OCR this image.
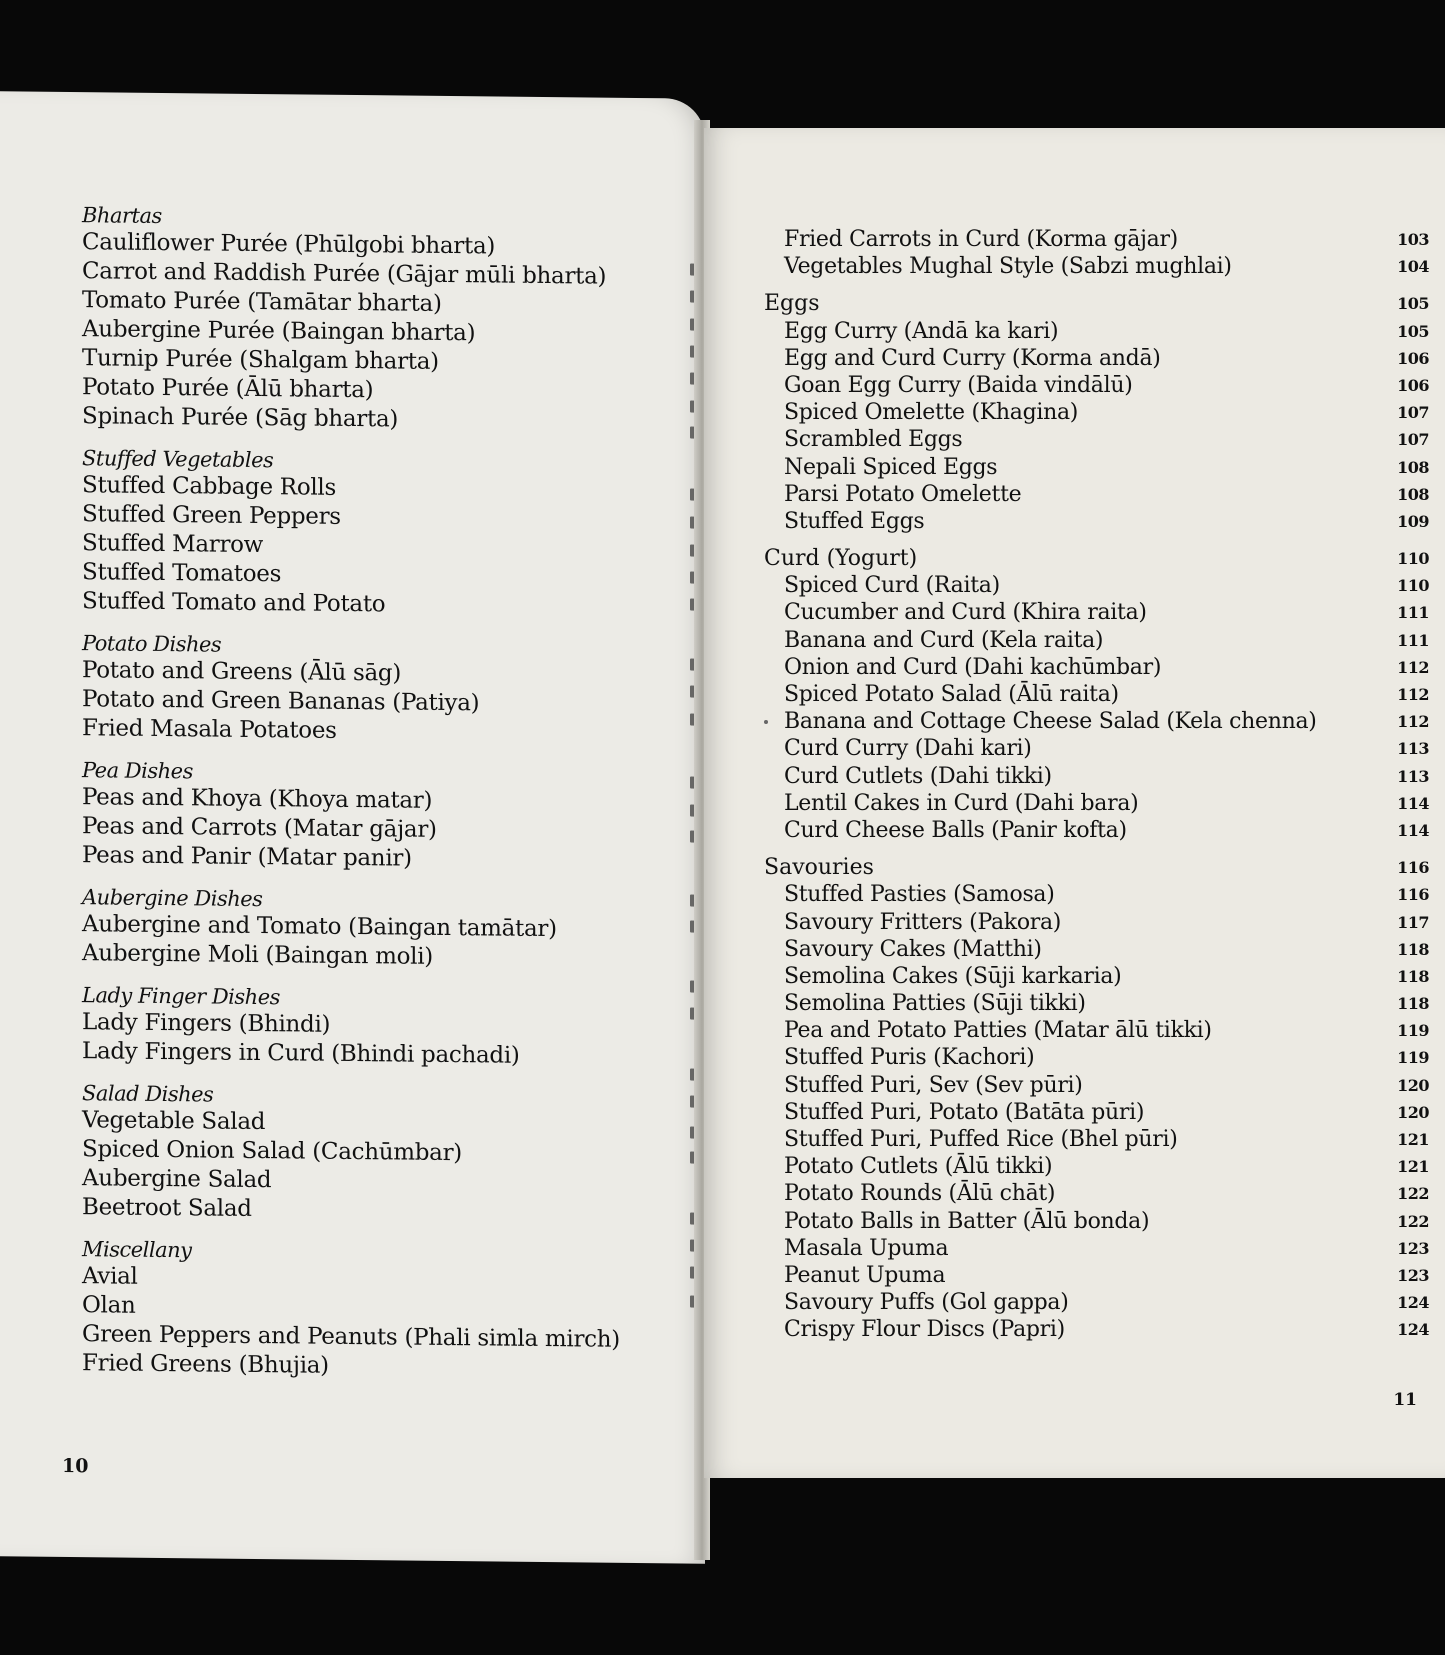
Bhartas
Cauliflower Purée (Phūlgobi bharta)
Carrot and Raddish Purée (Gājar mūli bharta)
Tomato Purée (Tamātar bharta)
Aubergine Purée (Baingan bharta)
Turnip Purée (Shalgam bharta)
Potato Purée (Ālū bharta)
Spinach Purée (Sāg bharta)
Stuffed Vegetables
Stuffed Cabbage Rolls
Stuffed Green Peppers
Stuffed Marrow
Stuffed Tomatoes
Stuffed Tomato and Potato
Potato Dishes
Potato and Greens (Ālū sāg)
Potato and Green Bananas (Patiya)
Fried Masala Potatoes
Pea Dishes
Peas and Khoya (Khoya matar)
Peas and Carrots (Matar gājar)
Peas and Panir (Matar panir)
Aubergine Dishes
Aubergine and Tomato (Baingan tamātar)
Aubergine Moli (Baingan moli)
Lady Finger Dishes
Lady Fingers (Bhindi)
Lady Fingers in Curd (Bhindi pachadi)
Salad Dishes
Vegetable Salad
Spiced Onion Salad (Cachūmbar)
Aubergine Salad
Beetroot Salad
Miscellany
Avial
Olan
Green Peppers and Peanuts (Phali simla mirch)
Fried Greens (Bhujia)
10
Fried Carrots in Curd (Korma gājar)	103
Vegetables Mughal Style (Sabzi mughlai)	104
Eggs	105
Egg Curry (Andā ka kari)	105
Egg and Curd Curry (Korma andā)	106
Goan Egg Curry (Baida vindālū)	106
Spiced Omelette (Khagina)	107
Scrambled Eggs	107
Nepali Spiced Eggs	108
Parsi Potato Omelette	108
Stuffed Eggs	109
Curd (Yogurt)	110
Spiced Curd (Raita)	110
Cucumber and Curd (Khira raita)	111
Banana and Curd (Kela raita)	111
Onion and Curd (Dahi kachūmbar)	112
Spiced Potato Salad (Ālū raita)	112
Banana and Cottage Cheese Salad (Kela chenna)	112
Curd Curry (Dahi kari)	113
Curd Cutlets (Dahi tikki)	113
Lentil Cakes in Curd (Dahi bara)	114
Curd Cheese Balls (Panir kofta)	114
Savouries	116
Stuffed Pasties (Samosa)	116
Savoury Fritters (Pakora)	117
Savoury Cakes (Matthi)	118
Semolina Cakes (Sūji karkaria)	118
Semolina Patties (Sūji tikki)	118
Pea and Potato Patties (Matar ālū tikki)	119
Stuffed Puris (Kachori)	119
Stuffed Puri, Sev (Sev pūri)	120
Stuffed Puri, Potato (Batāta pūri)	120
Stuffed Puri, Puffed Rice (Bhel pūri)	121
Potato Cutlets (Ālū tikki)	121
Potato Rounds (Ālū chāt)	122
Potato Balls in Batter (Ālū bonda)	122
Masala Upuma	123
Peanut Upuma	123
Savoury Puffs (Gol gappa)	124
Crispy Flour Discs (Papri)	124
11
